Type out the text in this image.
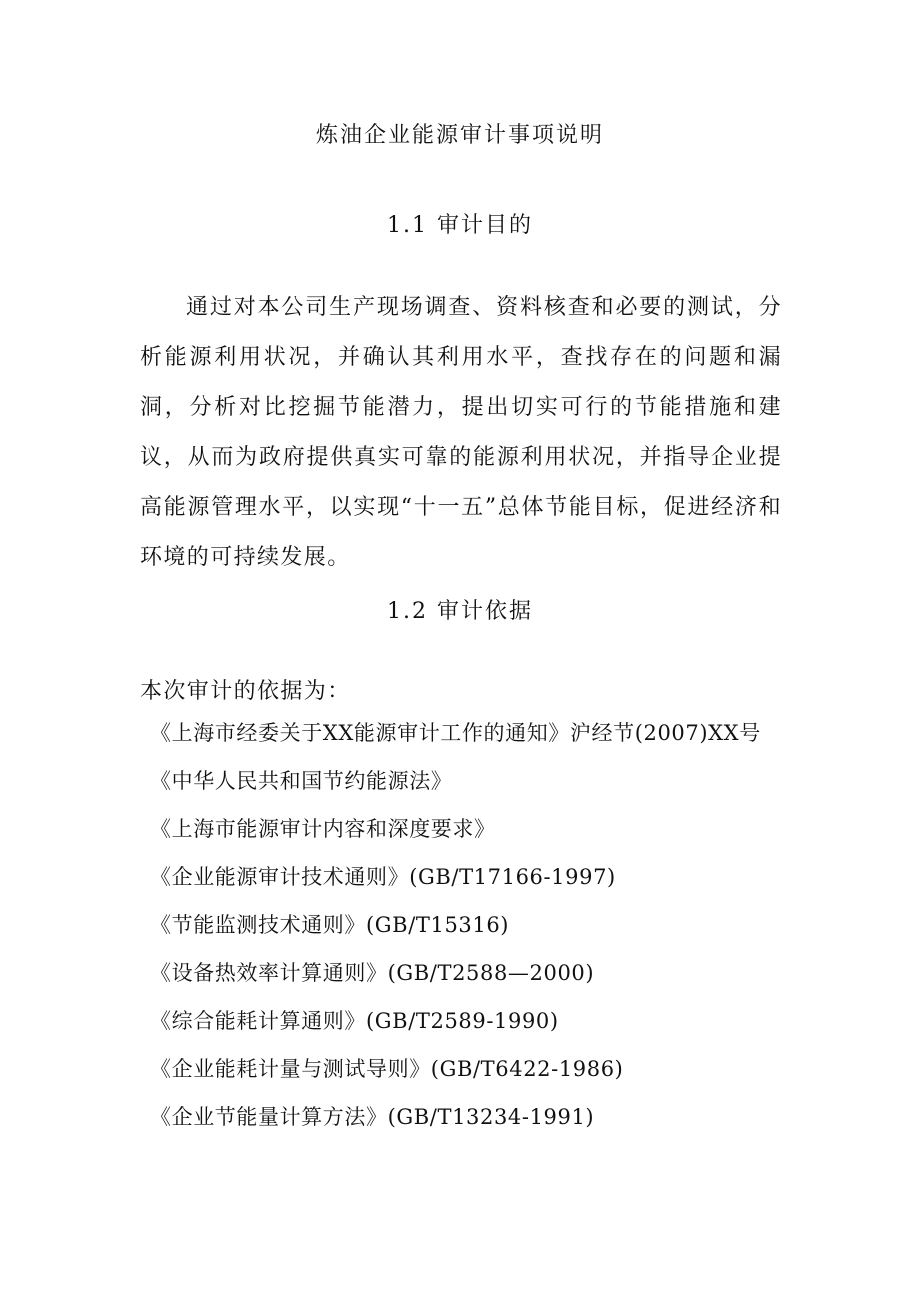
炼油企业能源审计事项说明
1.1 审计目的

通过对本公司生产现场调查、资料核查和必要的测试，分析能源利用状况，并确认其利用水平，查找存在的问题和漏洞，分析对比挖掘节能潜力，提出切实可行的节能措施和建议，从而为政府提供真实可靠的能源利用状况，并指导企业提高能源管理水平，以实现“十一五”总体节能目标，促进经济和环境的可持续发展。

1.2 审计依据
本次审计的依据为：
《上海市经委关于XX能源审计工作的通知》沪经节(2007)XX号
《中华人民共和国节约能源法》
《上海市能源审计内容和深度要求》
《企业能源审计技术通则》(GB/T17166-1997)
《节能监测技术通则》(GB/T15316)
《设备热效率计算通则》(GB/T2588—2000)
《综合能耗计算通则》(GB/T2589-1990)
《企业能耗计量与测试导则》(GB/T6422-1986)
《企业节能量计算方法》(GB/T13234-1991)
